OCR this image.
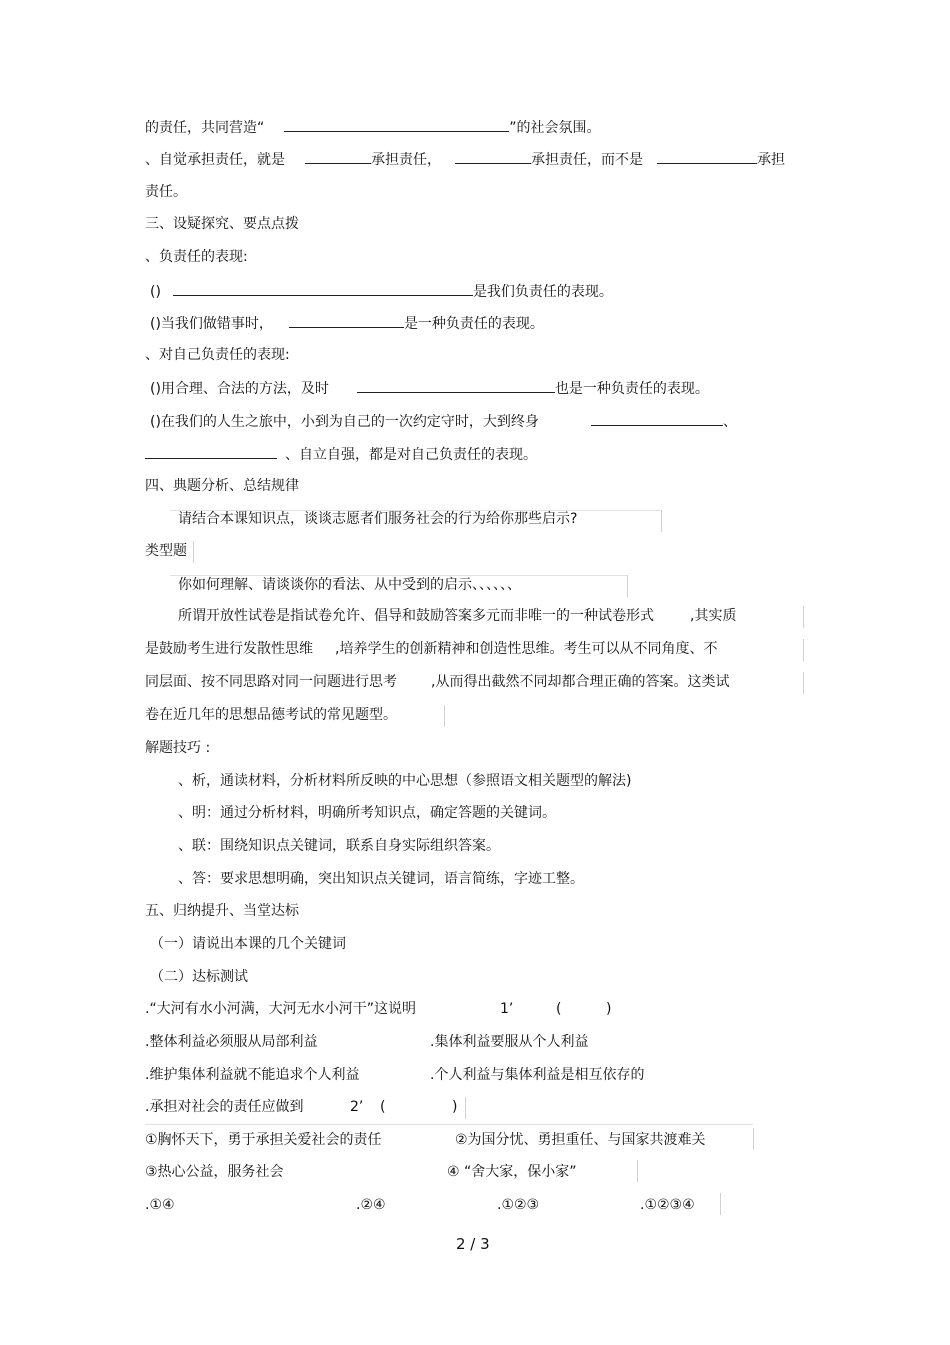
的责任，共同营造“	”的社会氛围。
、自觉承担责任，就是	承担责任，	承担责任，而不是	承担
责任。
三、设疑探究、要点点拨
、负责任的表现:
()	是我们负责任的表现。
()当我们做错事时，	是一种负责任的表现。
、对自己负责任的表现:
()用合理、合法的方法，及时	也是一种负责任的表现。
()在我们的人生之旅中，小到为自己的一次约定守时，大到终身	、
、自立自强，都是对自己负责任的表现。
四、典题分析、总结规律
请结合本课知识点，谈谈志愿者们服务社会的行为给你那些启示?
类型题
你如何理解、请谈谈你的看法、从中受到的启示、、、、、、
所谓开放性试卷是指试卷允许、倡导和鼓励答案多元而非唯一的一种试卷形式	,其实质
是鼓励考生进行发散性思维 ,培养学生的创新精神和创造性思维。考生可以从不同角度、不
同层面、按不同思路对同一问题进行思考 ,从而得出截然不同却都合理正确的答案。这类试
卷在近几年的思想品德考试的常见题型。
解题技巧 :
、析，通读材料，分析材料所反映的中心思想（参照语文相关题型的解法)
、明：通过分析材料，明确所考知识点，确定答题的关键词。
、联：围绕知识点关键词，联系自身实际组织答案。
、答：要求思想明确，突出知识点关键词，语言简练，字迹工整。
五、归纳提升、当堂达标
（一）请说出本课的几个关键词
（二）达标测试
.“大河有水小河满，大河无水小河干”这说明	1’	(	)
.整体利益必须服从局部利益	.集体利益要服从个人利益
.维护集体利益就不能追求个人利益	.个人利益与集体利益是相互依存的
.承担对社会的责任应做到	2’ (	)
①胸怀天下，勇于承担关爱社会的责任	②为国分忧、勇担重任、与国家共渡难关
③热心公益，服务社会	④ “舍大家，保小家”
.①④	.②④	.①②③	.①②③④
2 / 3
